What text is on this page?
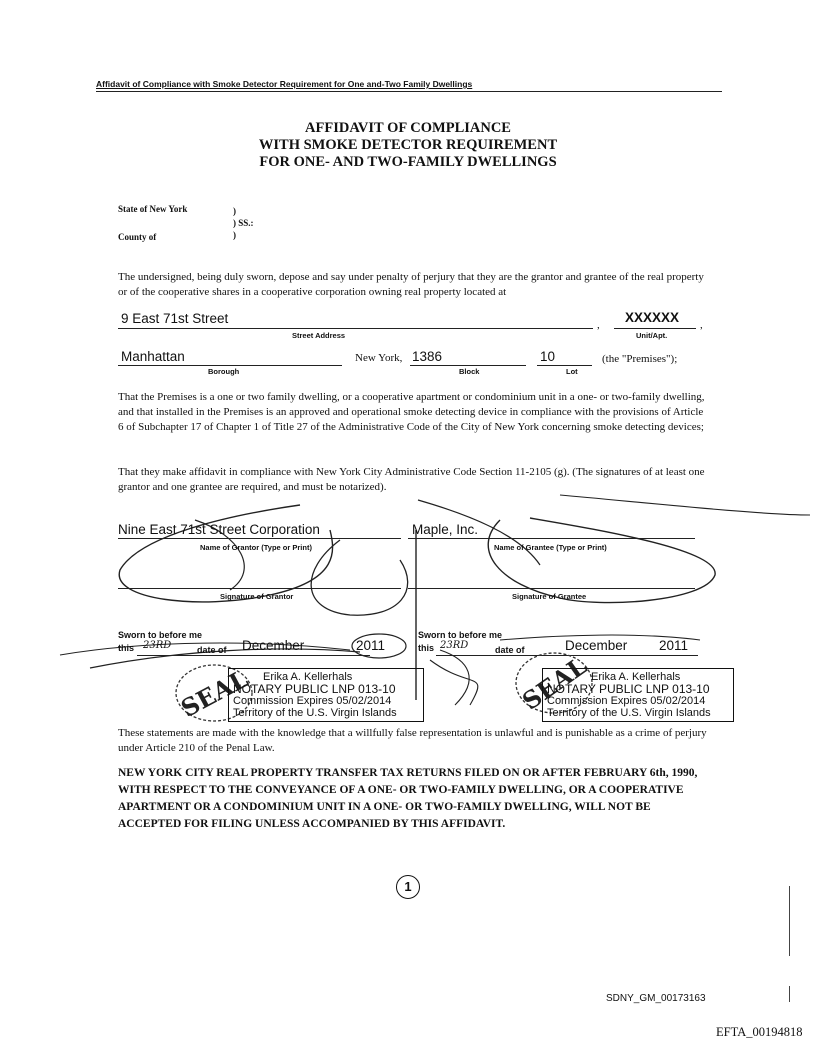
Affidavit of Compliance with Smoke Detector Requirement for One and-Two Family Dwellings
AFFIDAVIT OF COMPLIANCE
WITH SMOKE DETECTOR REQUIREMENT
FOR ONE- AND TWO-FAMILY DWELLINGS
State of New York	)
) SS.:
County of	)
The undersigned, being duly sworn, depose and say under penalty of perjury that they are the grantor and grantee of the real property or of the cooperative shares in a cooperative corporation owning real property located at
9 East 71st Street	,
Street Address
XXXXXX ,
Unit/Apt.
Manhattan
Borough
New York, 1386
Block
10
Lot
(the "Premises");
That the Premises is a one or two family dwelling, or a cooperative apartment or condominium unit in a one- or two-family dwelling, and that installed in the Premises is an approved and operational smoke detecting device in compliance with the provisions of Article 6 of Subchapter 17 of Chapter 1 of Title 27 of the Administrative Code of the City of New York concerning smoke detecting devices;
That they make affidavit in compliance with New York City Administrative Code Section 11-2105 (g). (The signatures of at least one grantor and one grantee are required, and must be notarized).
Nine East 71st Street Corporation
Name of Grantor (Type or Print)
Signature of Grantor
Sworn to before me
this 23RD	date of December	2011
Maple, Inc.
Name of Grantee (Type or Print)
Signature of Grantee
Sworn to before me
this 23RD	date of	December 2011
SEAL	SEAL
Erika A. Kellerhals
NOTARY PUBLIC LNP 013-10
Commission Expires 05/02/2014
Territory of the U.S. Virgin Islands
Erika A. Kellerhals
NOTARY PUBLIC LNP 013-10
Commission Expires 05/02/2014
Territory of the U.S. Virgin Islands
These statements are made with the knowledge that a willfully false representation is unlawful and is punishable as a crime of perjury under Article 210 of the Penal Law.
NEW YORK CITY REAL PROPERTY TRANSFER TAX RETURNS FILED ON OR AFTER FEBRUARY 6th, 1990, WITH RESPECT TO THE CONVEYANCE OF A ONE- OR TWO-FAMILY DWELLING, OR A COOPERATIVE APARTMENT OR A CONDOMINIUM UNIT IN A ONE- OR TWO-FAMILY DWELLING, WILL NOT BE ACCEPTED FOR FILING UNLESS ACCOMPANIED BY THIS AFFIDAVIT.
1
SDNY_GM_00173163
EFTA_00194818
